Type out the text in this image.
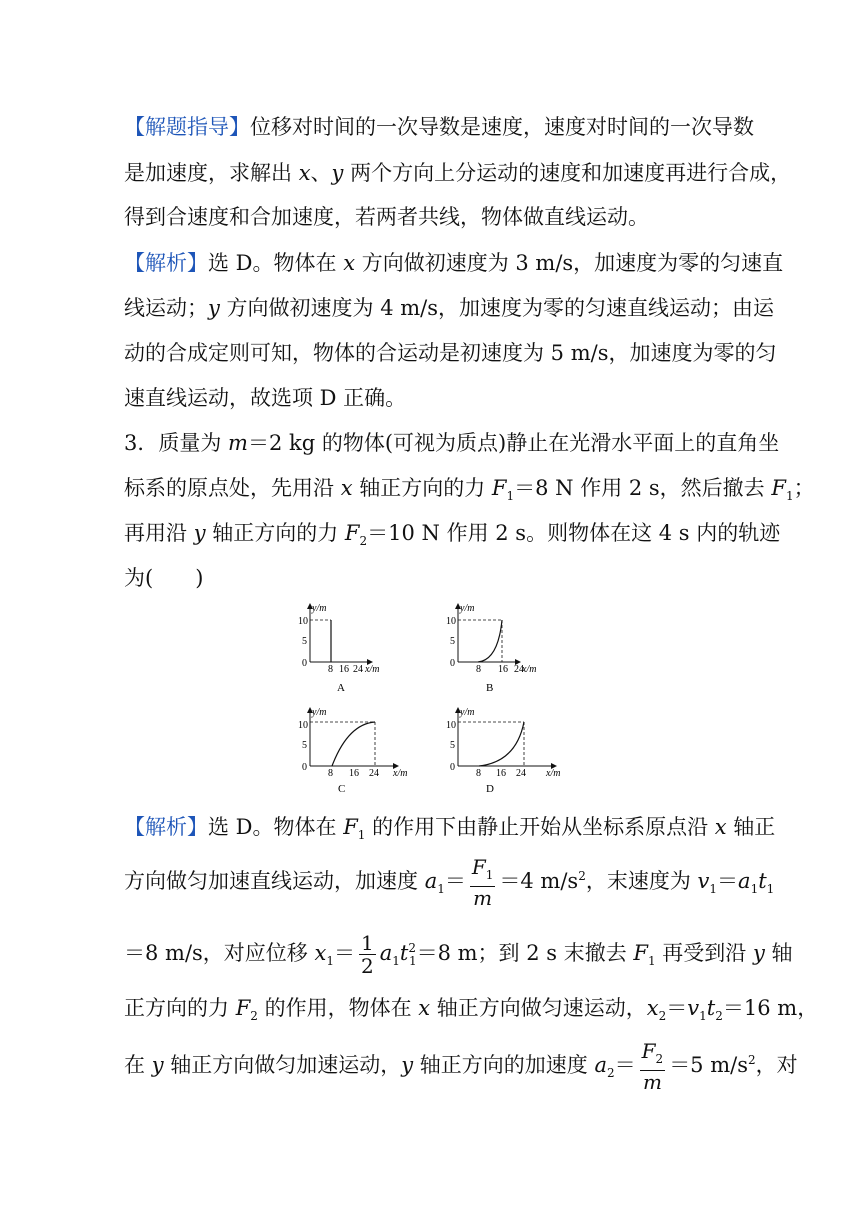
【解题指导】位移对时间的一次导数是速度，速度对时间的一次导数
是加速度，求解出 x、y 两个方向上分运动的速度和加速度再进行合成，
得到合速度和合加速度，若两者共线，物体做直线运动。
【解析】选 D。物体在 x 方向做初速度为 3 m/s，加速度为零的匀速直
线运动；y 方向做初速度为 4 m/s，加速度为零的匀速直线运动；由运
动的合成定则可知，物体的合运动是初速度为 5 m/s，加速度为零的匀
速直线运动，故选项 D 正确。
3．质量为 m＝2 kg 的物体(可视为质点)静止在光滑水平面上的直角坐
标系的原点处，先用沿 x 轴正方向的力 $F_1=8$ N 作用 2 s，然后撤去 $F_1$；
再用沿 y 轴正方向的力 $F_2=10$ N 作用 2 s。则物体在这 4 s 内的轨迹
为(　　)
y/m
x/m
10
5
0
8 16 24
A
y/m
x/m
10
5
0
8 16 24
B
y/m
x/m
10
5
0
8 16 24
C
y/m
x/m
10
5
0
8 16 24
D
【解析】选 D。物体在 $F_1$ 的作用下由静止开始从坐标系原点沿 x 轴正
方向做匀加速直线运动，加速度 $a_1= \frac{F_1}{m} =4$ $m/s^2$，末速度为 $v_1=a_1t_1$
＝8 m/s，对应位移 $x_1= \frac{1}{2} a_1t^2_1=8$ m；到 2 s 末撤去 $F_1$ 再受到沿 y 轴
正方向的力 $F_2$ 的作用，物体在 x 轴正方向做匀速运动，$x_2=v_1t_2=16$ m，
在 y 轴正方向做匀加速运动，y 轴正方向的加速度 $a_2= \frac{F_2}{m} =5$ $m/s^2$，对
